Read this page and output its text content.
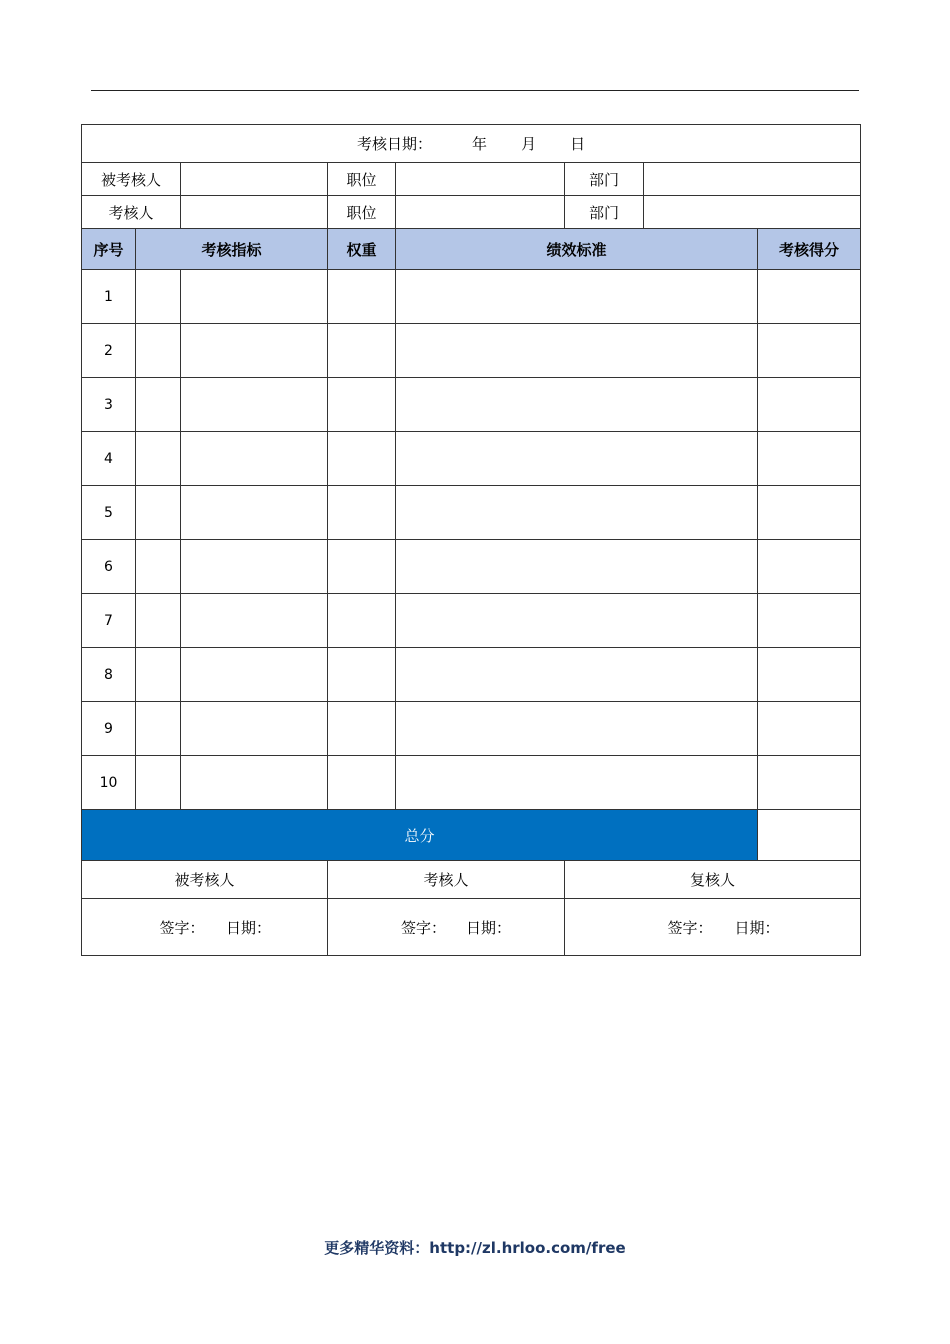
考核日期： 年 月 日							
被考核人			职位		部门		
考核人			职位		部门		
序号	考核指标		权重	绩效标准			考核得分
1							
2							
3							
4							
5							
6							
7							
8							
9							
10							
总分							
被考核人			考核人		复核人		
签字： 日期：			签字： 日期：		签字： 日期：		
更多精华资料：http://zl.hrloo.com/free
